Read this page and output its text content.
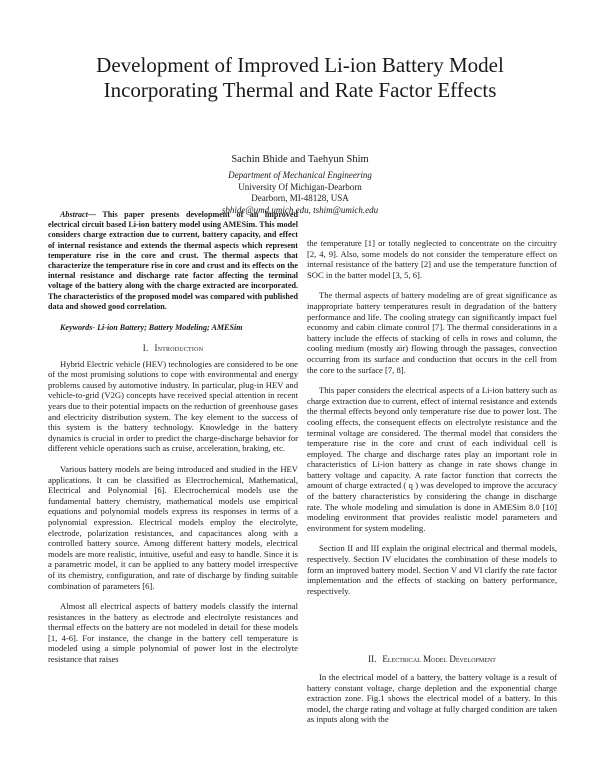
Development of Improved Li-ion Battery Model
Incorporating Thermal and Rate Factor Effects
Sachin Bhide and Taehyun Shim
Department of Mechanical Engineering
University Of Michigan-Dearborn
Dearborn, MI-48128, USA
sbhide@umd.umich.edu, tshim@umich.edu

Abstract— This paper presents development of an improved electrical circuit based Li-ion battery model using AMESim. This model considers charge extraction due to current, battery capacity, and effect of internal resistance and extends the thermal aspects which represent temperature rise in the core and crust. The thermal aspects that characterize the temperature rise in core and crust and its effects on the internal resistance and discharge rate factor affecting the terminal voltage of the battery along with the charge extracted are incorporated. The characteristics of the proposed model was compared with published data and showed good correlation.

Keywords- Li-ion Battery; Battery Modeling; AMESim

I. Introduction

Hybrid Electric vehicle (HEV) technologies are considered to be one of the most promising solutions to cope with environmental and energy problems caused by automotive industry. In particular, plug-in HEV and vehicle-to-grid (V2G) concepts have received special attention in recent years due to their potential impacts on the reduction of greenhouse gases and electricity distribution system. The key element to the success of this system is the battery technology. Knowledge in the battery dynamics is crucial in order to predict the charge-discharge behavior for different vehicle operations such as cruise, acceleration, braking, etc.

Various battery models are being introduced and studied in the HEV applications. It can be classified as Electrochemical, Mathematical, Electrical and Polynomial [6]. Electrochemical models use the fundamental battery chemistry, mathematical models use empirical equations and polynomial models express its responses in terms of a polynomial expression. Electrical models employ the electrolyte, electrode, polarization resistances, and capacitances along with a controlled battery source. Among different battery models, electrical models are more realistic, intuitive, useful and easy to handle. Since it is a parametric model, it can be applied to any battery model irrespective of its chemistry, configuration, and rate of discharge by finding suitable combination of parameters [6].

Almost all electrical aspects of battery models classify the internal resistances in the battery as electrode and electrolyte resistances and thermal effects on the battery are not modeled in detail for these models [1, 4-6]. For instance, the change in the battery cell temperature is modeled using a simple polynomial of power lost in the electrolyte resistance that raises

the temperature [1] or totally neglected to concentrate on the circuitry [2, 4, 9]. Also, some models do not consider the temperature effect on internal resistance of the battery [2] and use the temperature function of SOC in the batter model [3, 5, 6].

The thermal aspects of battery modeling are of great significance as inappropriate battery temperatures result in degradation of the battery performance and life. The cooling strategy can significantly impact fuel economy and cabin climate control [7]. The thermal considerations in a battery include the effects of stacking of cells in rows and column, the cooling medium (mostly air) flowing through the passages, convection occurring from its surface and conduction that occurs in the cell from the core to the surface [7, 8].

This paper considers the electrical aspects of a Li-ion battery such as charge extraction due to current, effect of internal resistance and extends the thermal effects beyond only temperature rise due to power lost. The cooling effects, the consequent effects on electrolyte resistance and the terminal voltage are considered. The thermal model that considers the temperature rise in the core and crust of each individual cell is employed. The charge and discharge rates play an important role in characteristics of Li-ion battery as change in rate shows change in battery voltage and capacity. A rate factor function that corrects the amount of charge extracted ( q ) was developed to improve the accuracy of the battery characteristics by considering the change in discharge rate. The whole modeling and simulation is done in AMESim 8.0 [10] modeling environment that provides realistic model parameters and environment for system modeling.

Section II and III explain the original electrical and thermal models, respectively. Section IV elucidates the combination of these models to form an improved battery model. Section V and VI clarify the rate factor implementation and the effects of stacking on battery performance, respectively.

II. Electrical Model Development

In the electrical model of a battery, the battery voltage is a result of battery constant voltage, charge depletion and the exponential charge extraction zone. Fig.1 shows the electrical model of a battery. In this model, the charge rating and voltage at fully charged condition are taken as inputs along with the
